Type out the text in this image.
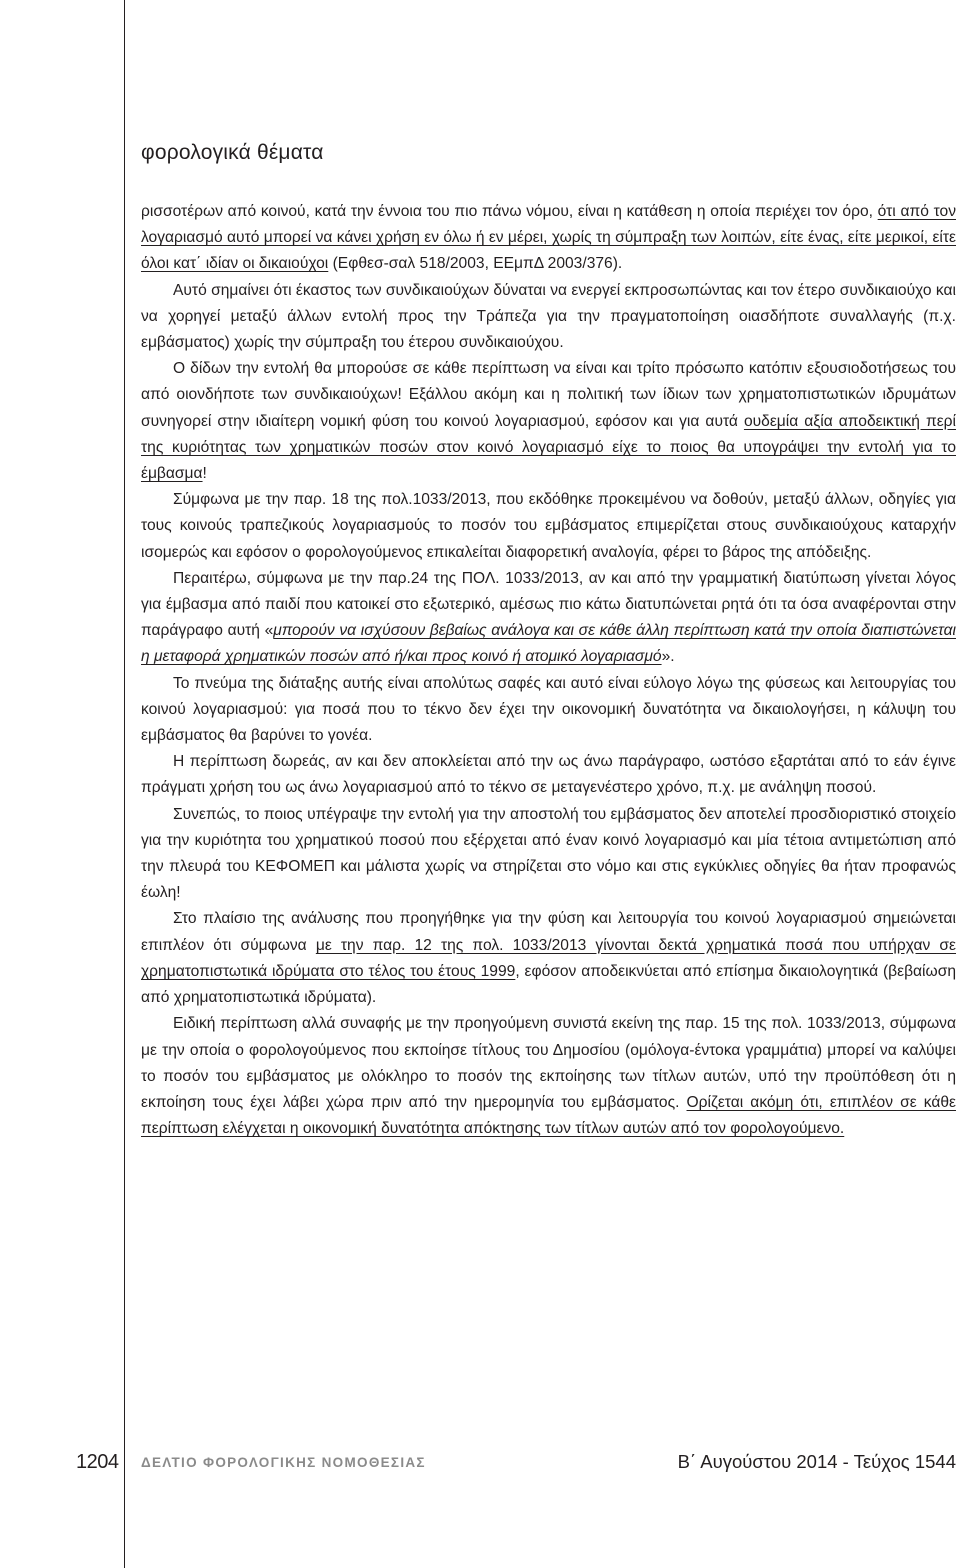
φορολογικά θέματα

ρισσοτέρων από κοινού, κατά την έννοια του πιο πάνω νόμου, είναι η κατάθεση η οποία περιέχει τον όρο, ότι από τον λογαριασμό αυτό μπορεί να κάνει χρήση εν όλω ή εν μέρει, χωρίς τη σύμπραξη των λοιπών, είτε ένας, είτε μερικοί, είτε όλοι κατ΄ ιδίαν οι δικαιούχοι (Εφθεσ-σαλ 518/2003, ΕΕμπΔ 2003/376).

Αυτό σημαίνει ότι έκαστος των συνδικαιούχων δύναται να ενεργεί εκπροσωπώντας και τον έτερο συνδικαιούχο και να χορηγεί μεταξύ άλλων εντολή προς την Τράπεζα για την πραγματοποίηση οιασδήποτε συναλλαγής (π.χ. εμβάσματος) χωρίς την σύμπραξη του έτερου συνδικαιούχου.

Ο δίδων την εντολή θα μπορούσε σε κάθε περίπτωση να είναι και τρίτο πρόσωπο κατόπιν εξουσιοδοτήσεως του από οιονδήποτε των συνδικαιούχων! Εξάλλου ακόμη και η πολιτική των ίδιων των χρηματοπιστωτικών ιδρυμάτων συνηγορεί στην ιδιαίτερη νομική φύση του κοινού λογαριασμού, εφόσον και για αυτά ουδεμία αξία αποδεικτική περί της κυριότητας των χρηματικών ποσών στον κοινό λογαριασμό είχε το ποιος θα υπογράψει την εντολή για το έμβασμα!

Σύμφωνα με την παρ. 18 της πολ.1033/2013, που εκδόθηκε προκειμένου να δοθούν, μεταξύ άλλων, οδηγίες για τους κοινούς τραπεζικούς λογαριασμούς το ποσόν του εμβάσματος επιμερίζεται στους συνδικαιούχους καταρχήν ισομερώς και εφόσον ο φορολογούμενος επικαλείται διαφορετική αναλογία, φέρει το βάρος της απόδειξης.

Περαιτέρω, σύμφωνα με την παρ.24 της ΠΟΛ. 1033/2013, αν και από την γραμματική διατύπωση γίνεται λόγος για έμβασμα από παιδί που κατοικεί στο εξωτερικό, αμέσως πιο κάτω διατυπώνεται ρητά ότι τα όσα αναφέρονται στην παράγραφο αυτή «μπορούν να ισχύσουν βεβαίως ανάλογα και σε κάθε άλλη περίπτωση κατά την οποία διαπιστώνεται η μεταφορά χρηματικών ποσών από ή/και προς κοινό ή ατομικό λογαριασμό».

Το πνεύμα της διάταξης αυτής είναι απολύτως σαφές και αυτό είναι εύλογο λόγω της φύσεως και λειτουργίας του κοινού λογαριασμού: για ποσά που το τέκνο δεν έχει την οικονομική δυνατότητα να δικαιολογήσει, η κάλυψη του εμβάσματος θα βαρύνει το γονέα.

Η περίπτωση δωρεάς, αν και δεν αποκλείεται από την ως άνω παράγραφο, ωστόσο εξαρτάται από το εάν έγινε πράγματι χρήση του ως άνω λογαριασμού από το τέκνο σε μεταγενέστερο χρόνο, π.χ. με ανάληψη ποσού.

Συνεπώς, το ποιος υπέγραψε την εντολή για την αποστολή του εμβάσματος δεν αποτελεί προσδιοριστικό στοιχείο για την κυριότητα του χρηματικού ποσού που εξέρχεται από έναν κοινό λογαριασμό και μία τέτοια αντιμετώπιση από την πλευρά του ΚΕΦΟΜΕΠ και μάλιστα χωρίς να στηρίζεται στο νόμο και στις εγκύκλιες οδηγίες θα ήταν προφανώς έωλη!

Στο πλαίσιο της ανάλυσης που προηγήθηκε για την φύση και λειτουργία του κοινού λογαριασμού σημειώνεται επιπλέον ότι σύμφωνα με την παρ. 12 της πολ. 1033/2013 γίνονται δεκτά χρηματικά ποσά που υπήρχαν σε χρηματοπιστωτικά ιδρύματα στο τέλος του έτους 1999, εφόσον αποδεικνύεται από επίσημα δικαιολογητικά (βεβαίωση από χρηματοπιστωτικά ιδρύματα).

Ειδική περίπτωση αλλά συναφής με την προηγούμενη συνιστά εκείνη της παρ. 15 της πολ. 1033/2013, σύμφωνα με την οποία ο φορολογούμενος που εκποίησε τίτλους του Δημοσίου (ομόλογα-έντοκα γραμμάτια) μπορεί να καλύψει το ποσόν του εμβάσματος με ολόκληρο το ποσόν της εκποίησης των τίτλων αυτών, υπό την προϋπόθεση ότι η εκποίηση τους έχει λάβει χώρα πριν από την ημερομηνία του εμβάσματος. Ορίζεται ακόμη ότι, επιπλέον σε κάθε περίπτωση ελέγχεται η οικονομική δυνατότητα απόκτησης των τίτλων αυτών από τον φορολογούμενο.

1204 ΔΕΛΤΙΟ ΦΟΡΟΛΟΓΙΚΗΣ ΝΟΜΟΘΕΣΙΑΣ	Β΄ Αυγούστου 2014 - Τεύχος 1544
